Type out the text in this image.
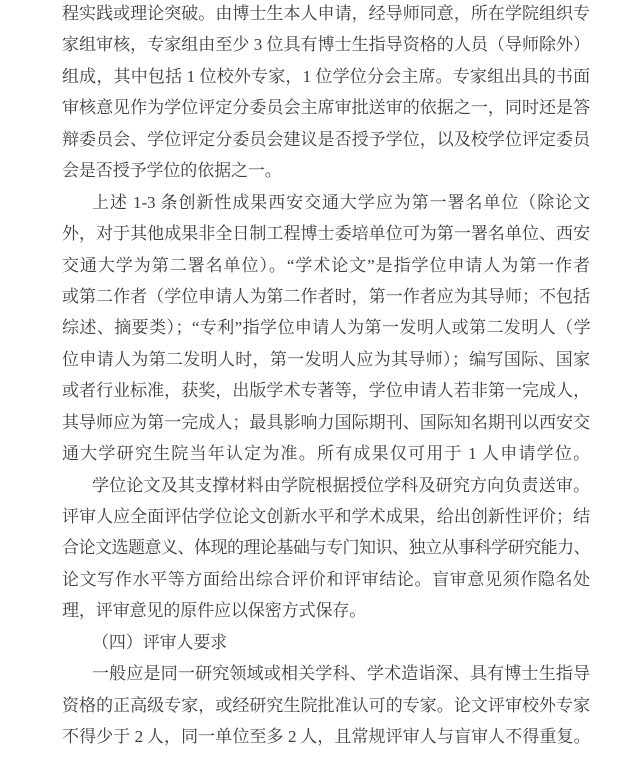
程实践或理论突破。由博士生本人申请，经导师同意，所在学院组织专
家组审核，专家组由至少 3 位具有博士生指导资格的人员（导师除外）
组成，其中包括 1 位校外专家，1 位学位分会主席。专家组出具的书面
审核意见作为学位评定分委员会主席审批送审的依据之一，同时还是答
辩委员会、学位评定分委员会建议是否授予学位，以及校学位评定委员
会是否授予学位的依据之一。
上述 1-3 条创新性成果西安交通大学应为第一署名单位（除论文
外，对于其他成果非全日制工程博士委培单位可为第一署名单位、西安
交通大学为第二署名单位）。“学术论文”是指学位申请人为第一作者
或第二作者（学位申请人为第二作者时，第一作者应为其导师；不包括
综述、摘要类）；“专利”指学位申请人为第一发明人或第二发明人（学
位申请人为第二发明人时，第一发明人应为其导师）；编写国际、国家
或者行业标准，获奖，出版学术专著等，学位申请人若非第一完成人，
其导师应为第一完成人；最具影响力国际期刊、国际知名期刊以西安交
通大学研究生院当年认定为准。所有成果仅可用于 1 人申请学位。
学位论文及其支撑材料由学院根据授位学科及研究方向负责送审。
评审人应全面评估学位论文创新水平和学术成果，给出创新性评价；结
合论文选题意义、体现的理论基础与专门知识、独立从事科学研究能力、
论文写作水平等方面给出综合评价和评审结论。盲审意见须作隐名处
理，评审意见的原件应以保密方式保存。
（四）评审人要求
一般应是同一研究领域或相关学科、学术造诣深、具有博士生指导
资格的正高级专家，或经研究生院批准认可的专家。论文评审校外专家
不得少于 2 人，同一单位至多 2 人，且常规评审人与盲审人不得重复。
